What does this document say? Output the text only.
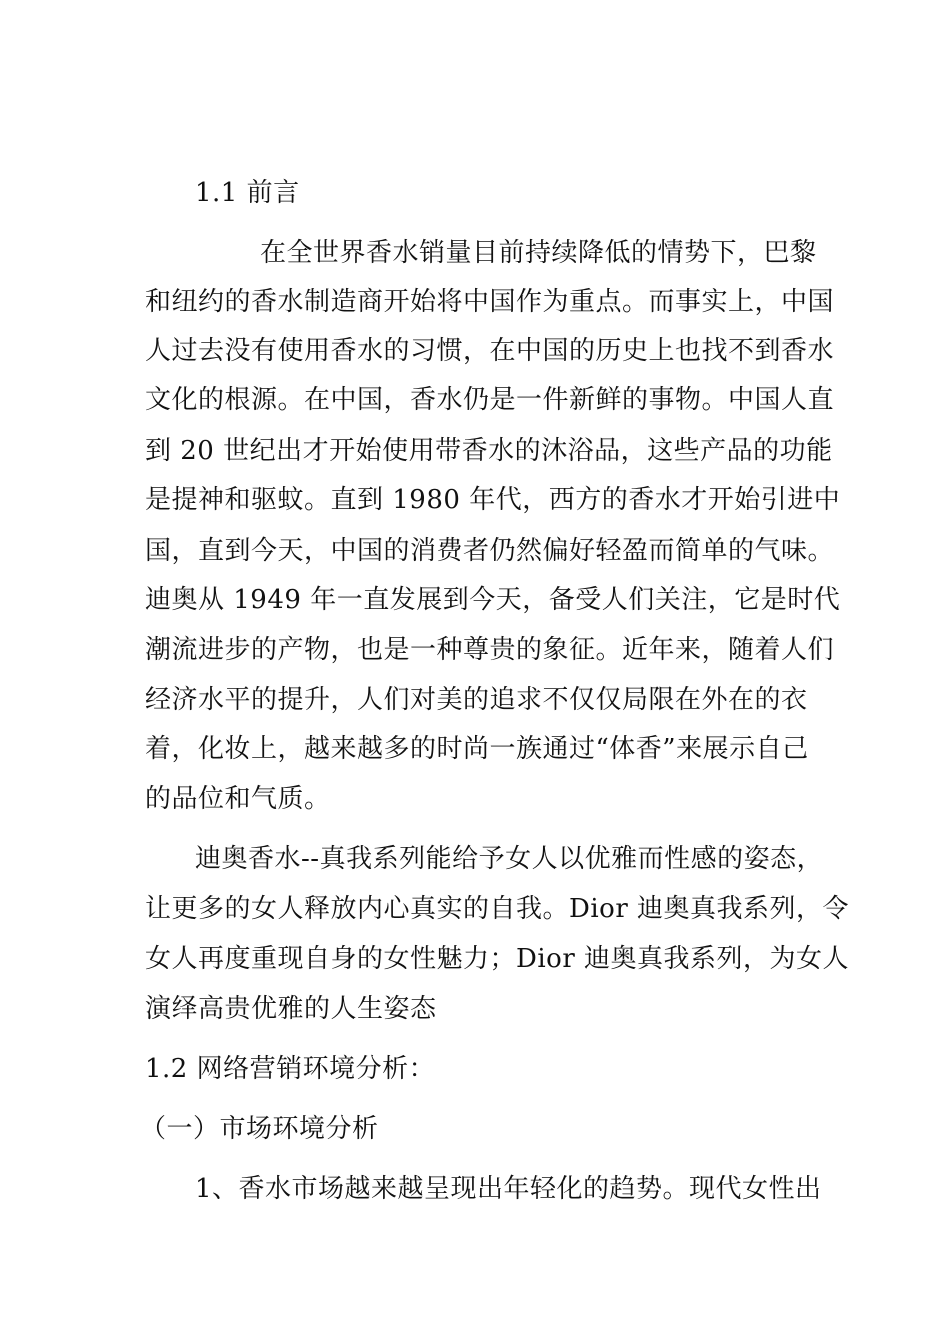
1.1 前言
在全世界香水销量目前持续降低的情势下，巴黎
和纽约的香水制造商开始将中国作为重点。而事实上，中国
人过去没有使用香水的习惯，在中国的历史上也找不到香水
文化的根源。在中国，香水仍是一件新鲜的事物。中国人直
到 20 世纪出才开始使用带香水的沐浴品，这些产品的功能
是提神和驱蚊。直到 1980 年代，西方的香水才开始引进中
国，直到今天，中国的消费者仍然偏好轻盈而简单的气味。
迪奥从 1949 年一直发展到今天，备受人们关注，它是时代
潮流进步的产物，也是一种尊贵的象征。近年来，随着人们
经济水平的提升，人们对美的追求不仅仅局限在外在的衣
着，化妆上，越来越多的时尚一族通过“体香”来展示自己
的品位和气质。
迪奥香水--真我系列能给予女人以优雅而性感的姿态，
让更多的女人释放内心真实的自我。Dior 迪奥真我系列，令
女人再度重现自身的女性魅力；Dior 迪奥真我系列，为女人
演绎高贵优雅的人生姿态
1.2 网络营销环境分析：
（一）市场环境分析
1、香水市场越来越呈现出年轻化的趋势。现代女性出
